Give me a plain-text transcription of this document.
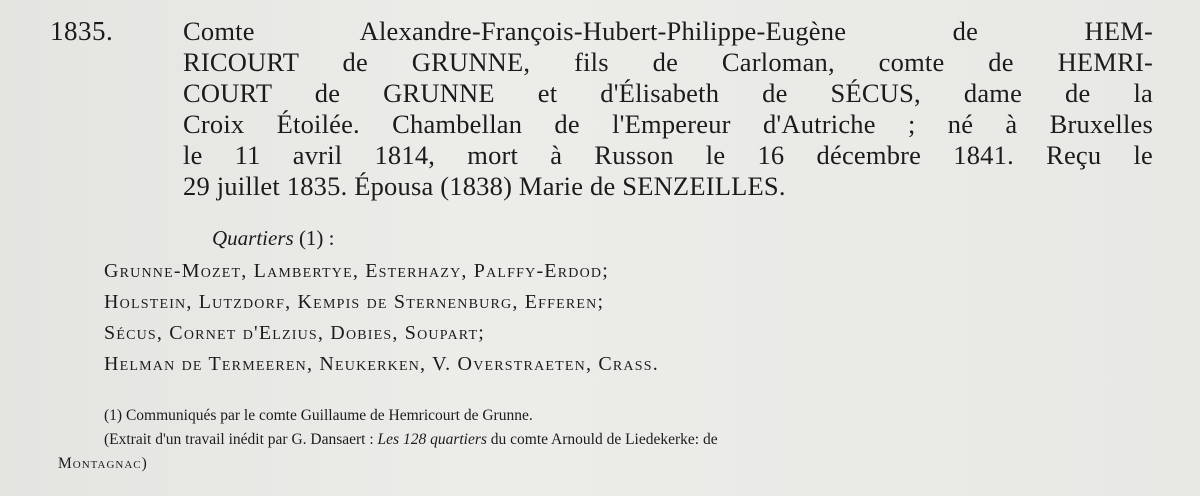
1835.	Comte Alexandre-François-Hubert-Philippe-Eugène de HEM-
RICOURT de GRUNNE, fils de Carloman, comte de HEMRI-
COURT de GRUNNE et d'Élisabeth de SÉCUS, dame de la
Croix Étoilée. Chambellan de l'Empereur d'Autriche ; né à Bruxelles
le 11 avril 1814, mort à Russon le 16 décembre 1841. Reçu le
29 juillet 1835. Épousa (1838) Marie de SENZEILLES.
Quartiers (1) :
Grunne-Mozet, Lambertye, Esterhazy, Palffy-Erdod;
Holstein, Lutzdorf, Kempis de Sternenburg, Efferen;
Sécus, Cornet d'Elzius, Dobies, Soupart;
Helman de Termeeren, Neukerken, V. Overstraeten, Crass.
(1) Communiqués par le comte Guillaume de Hemricourt de Grunne.
(Extrait d'un travail inédit par G. Dansaert : Les 128 quartiers du comte Arnould de Liedekerke: de
Montagnac)
